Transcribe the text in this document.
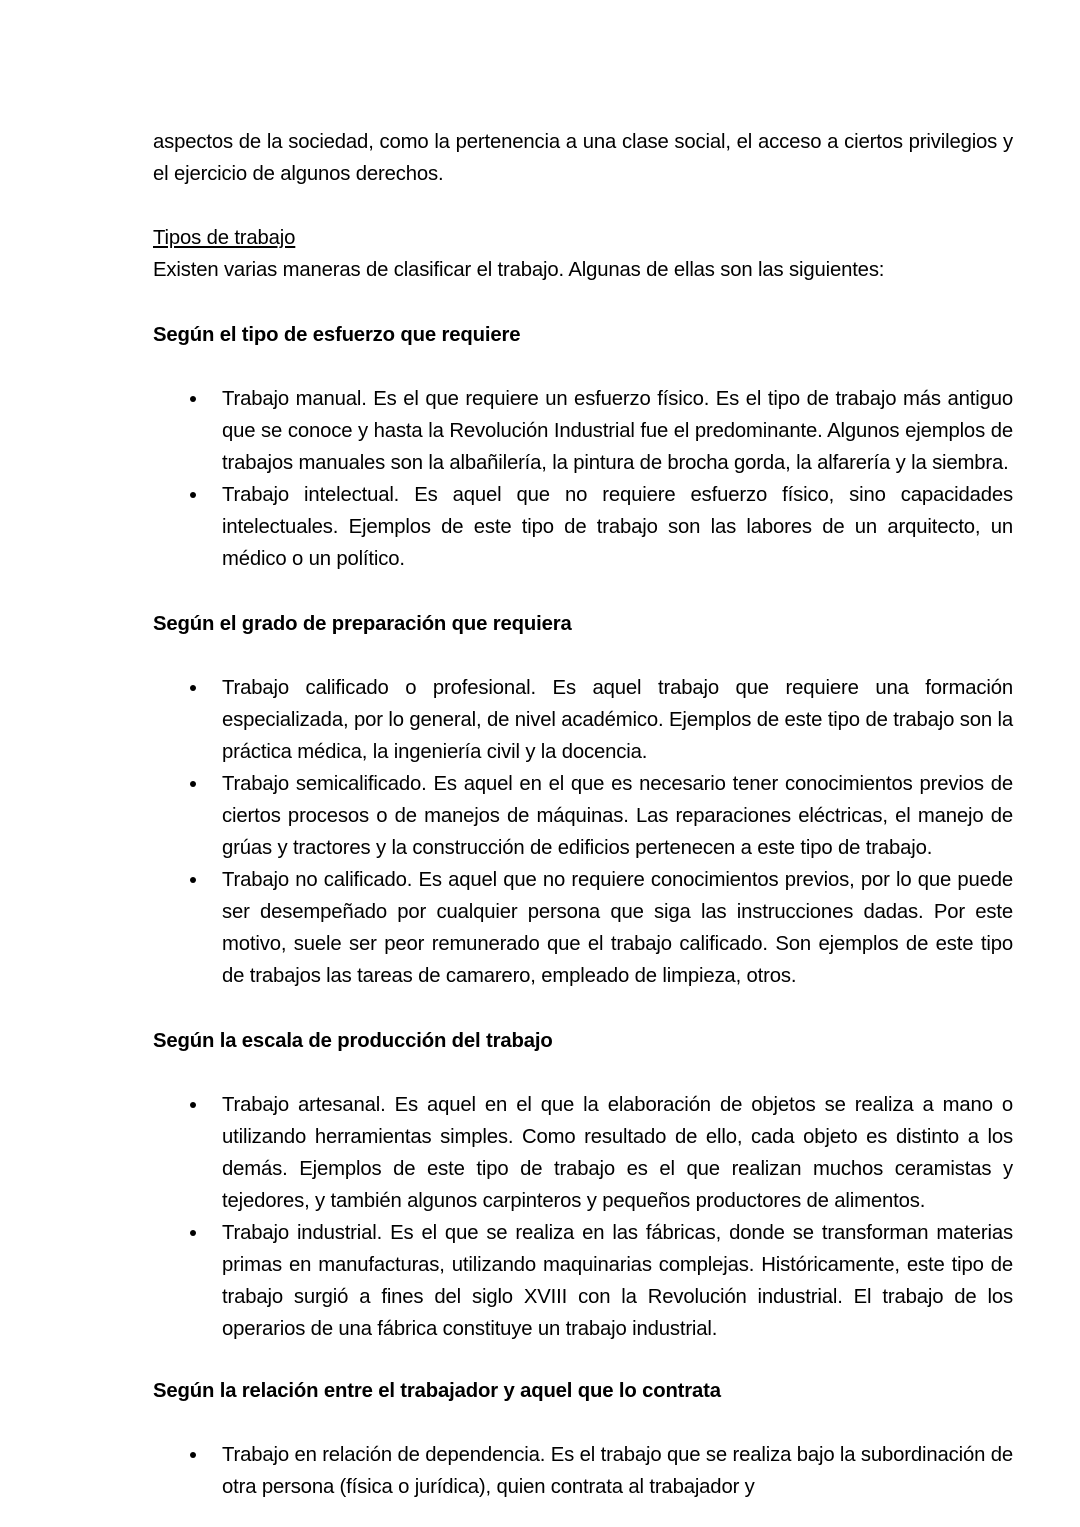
aspectos de la sociedad, como la pertenencia a una clase social, el acceso a ciertos privilegios y el ejercicio de algunos derechos.

Tipos de trabajo

Existen varias maneras de clasificar el trabajo. Algunas de ellas son las siguientes:

Según el tipo de esfuerzo que requiere
Trabajo manual. Es el que requiere un esfuerzo físico. Es el tipo de trabajo más antiguo que se conoce y hasta la Revolución Industrial fue el predominante. Algunos ejemplos de trabajos manuales son la albañilería, la pintura de brocha gorda, la alfarería y la siembra.
Trabajo intelectual. Es aquel que no requiere esfuerzo físico, sino capacidades intelectuales. Ejemplos de este tipo de trabajo son las labores de un arquitecto, un médico o un político.
Según el grado de preparación que requiera
Trabajo calificado o profesional. Es aquel trabajo que requiere una formación especializada, por lo general, de nivel académico. Ejemplos de este tipo de trabajo son la práctica médica, la ingeniería civil y la docencia.
Trabajo semicalificado. Es aquel en el que es necesario tener conocimientos previos de ciertos procesos o de manejos de máquinas. Las reparaciones eléctricas, el manejo de grúas y tractores y la construcción de edificios pertenecen a este tipo de trabajo.
Trabajo no calificado. Es aquel que no requiere conocimientos previos, por lo que puede ser desempeñado por cualquier persona que siga las instrucciones dadas. Por este motivo, suele ser peor remunerado que el trabajo calificado. Son ejemplos de este tipo de trabajos las tareas de camarero, empleado de limpieza, otros.
Según la escala de producción del trabajo
Trabajo artesanal. Es aquel en el que la elaboración de objetos se realiza a mano o utilizando herramientas simples. Como resultado de ello, cada objeto es distinto a los demás. Ejemplos de este tipo de trabajo es el que realizan muchos ceramistas y tejedores, y también algunos carpinteros y pequeños productores de alimentos.
Trabajo industrial. Es el que se realiza en las fábricas, donde se transforman materias primas en manufacturas, utilizando maquinarias complejas. Históricamente, este tipo de trabajo surgió a fines del siglo XVIII con la Revolución industrial. El trabajo de los operarios de una fábrica constituye un trabajo industrial.
Según la relación entre el trabajador y aquel que lo contrata
Trabajo en relación de dependencia. Es el trabajo que se realiza bajo la subordinación de otra persona (física o jurídica), quien contrata al trabajador y
